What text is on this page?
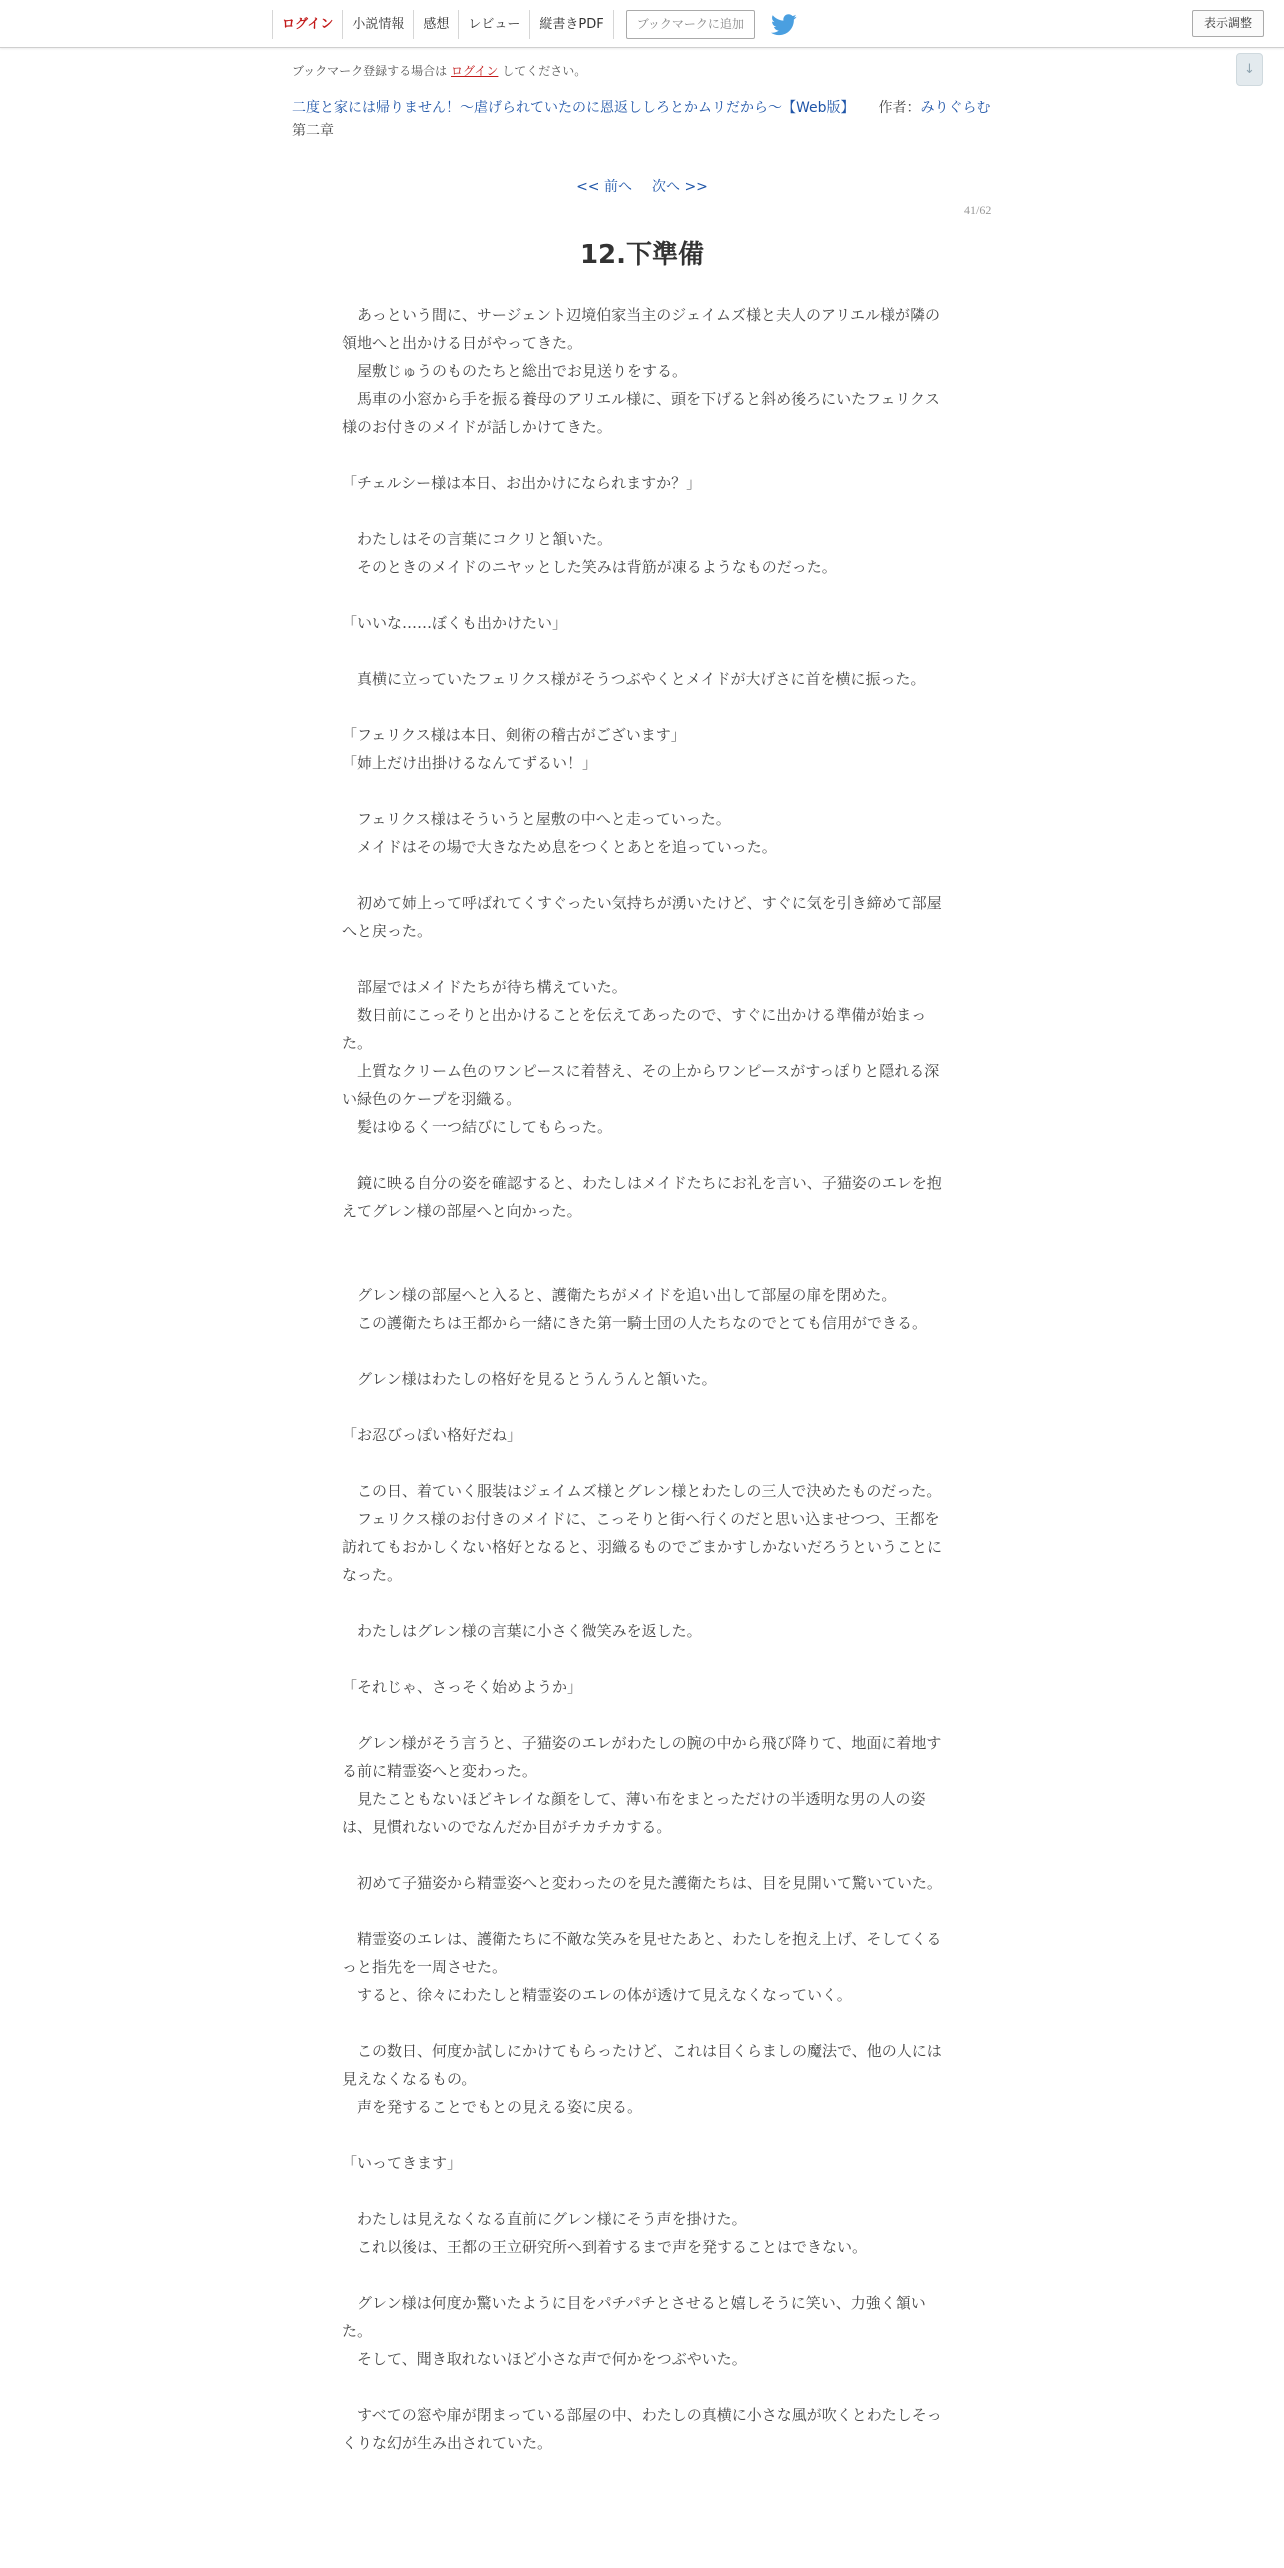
ログイン	小説情報	感想	レビュー	縦書きPDF	ブックマークに追加	表示調整
↓
ブックマーク登録する場合は ログイン してください。
二度と家には帰りません！～虐げられていたのに恩返ししろとかムリだから～【Web版】 作者： みりぐらむ
第二章
<< 前へ 次へ >>
41/62
12.下準備

　あっという間に、サージェント辺境伯家当主のジェイムズ様と夫人のアリエル様が隣の領地へと出かける日がやってきた。

　屋敷じゅうのものたちと総出でお見送りをする。

　馬車の小窓から手を振る養母のアリエル様に、頭を下げると斜め後ろにいたフェリクス様のお付きのメイドが話しかけてきた。

「チェルシー様は本日、お出かけになられますか？」

　わたしはその言葉にコクリと頷いた。

　そのときのメイドのニヤッとした笑みは背筋が凍るようなものだった。

「いいな……ぼくも出かけたい」

　真横に立っていたフェリクス様がそうつぶやくとメイドが大げさに首を横に振った。

「フェリクス様は本日、剣術の稽古がございます」

「姉上だけ出掛けるなんてずるい！」

　フェリクス様はそういうと屋敷の中へと走っていった。

　メイドはその場で大きなため息をつくとあとを追っていった。

　初めて姉上って呼ばれてくすぐったい気持ちが湧いたけど、すぐに気を引き締めて部屋へと戻った。

　部屋ではメイドたちが待ち構えていた。

　数日前にこっそりと出かけることを伝えてあったので、すぐに出かける準備が始まった。

　上質なクリーム色のワンピースに着替え、その上からワンピースがすっぽりと隠れる深い緑色のケープを羽織る。

　髪はゆるく一つ結びにしてもらった。

　鏡に映る自分の姿を確認すると、わたしはメイドたちにお礼を言い、子猫姿のエレを抱えてグレン様の部屋へと向かった。

　グレン様の部屋へと入ると、護衛たちがメイドを追い出して部屋の扉を閉めた。

　この護衛たちは王都から一緒にきた第一騎士団の人たちなのでとても信用ができる。

　グレン様はわたしの格好を見るとうんうんと頷いた。

「お忍びっぽい格好だね」

　この日、着ていく服装はジェイムズ様とグレン様とわたしの三人で決めたものだった。

　フェリクス様のお付きのメイドに、こっそりと街へ行くのだと思い込ませつつ、王都を訪れてもおかしくない格好となると、羽織るものでごまかすしかないだろうということになった。

　わたしはグレン様の言葉に小さく微笑みを返した。

「それじゃ、さっそく始めようか」

　グレン様がそう言うと、子猫姿のエレがわたしの腕の中から飛び降りて、地面に着地する前に精霊姿へと変わった。

　見たこともないほどキレイな顔をして、薄い布をまとっただけの半透明な男の人の姿は、見慣れないのでなんだか目がチカチカする。

　初めて子猫姿から精霊姿へと変わったのを見た護衛たちは、目を見開いて驚いていた。

　精霊姿のエレは、護衛たちに不敵な笑みを見せたあと、わたしを抱え上げ、そしてくるっと指先を一周させた。

　すると、徐々にわたしと精霊姿のエレの体が透けて見えなくなっていく。

　この数日、何度か試しにかけてもらったけど、これは目くらましの魔法で、他の人には見えなくなるもの。

　声を発することでもとの見える姿に戻る。

「いってきます」

　わたしは見えなくなる直前にグレン様にそう声を掛けた。

　これ以後は、王都の王立研究所へ到着するまで声を発することはできない。

　グレン様は何度か驚いたように目をパチパチとさせると嬉しそうに笑い、力強く頷いた。

　そして、聞き取れないほど小さな声で何かをつぶやいた。

　すべての窓や扉が閉まっている部屋の中、わたしの真横に小さな風が吹くとわたしそっくりな幻が生み出されていた。
